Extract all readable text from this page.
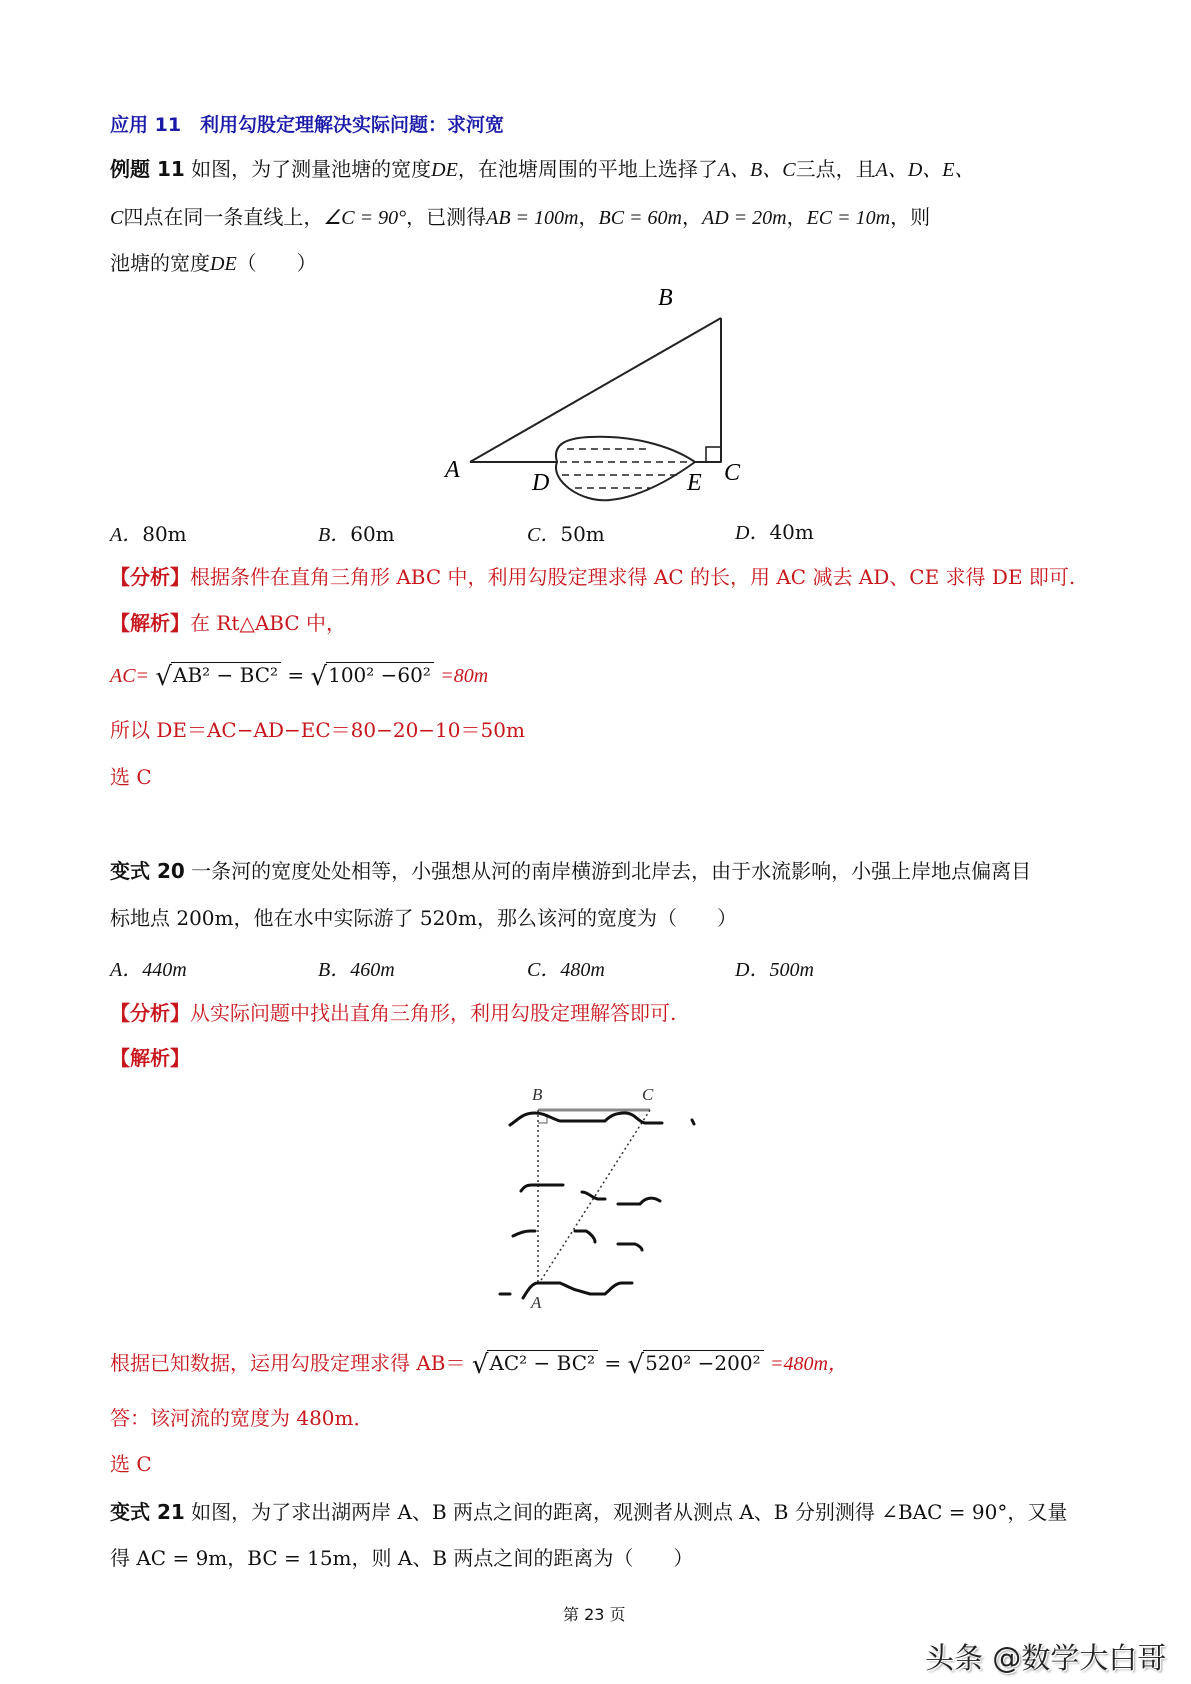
应用 11　利用勾股定理解决实际问题：求河宽
例题 11 如图，为了测量池塘的宽度DE，在池塘周围的平地上选择了A、B、C三点，且A、D、E、
C四点在同一条直线上，∠C = 90°，已测得AB = 100m，BC = 60m，AD = 20m，EC = 10m，则
池塘的宽度DE（　　）
B
A	C
D	E
A．80m	B．60m	C．50m	D．40m
【分析】根据条件在直角三角形 ABC 中，利用勾股定理求得 AC 的长，用 AC 减去 AD、CE 求得 DE 即可.
【解析】在 Rt△ABC 中，
AC= √AB² − BC² = √100² −60² =80m
所以 DE＝AC−AD−EC＝80−20−10＝50m
选 C
变式 20 一条河的宽度处处相等，小强想从河的南岸横游到北岸去，由于水流影响，小强上岸地点偏离目
标地点 200m，他在水中实际游了 520m，那么该河的宽度为（　　）
A．440m	B．460m	C．480m	D．500m
【分析】从实际问题中找出直角三角形，利用勾股定理解答即可.
【解析】
B	C
A
根据已知数据，运用勾股定理求得 AB＝ √AC² − BC² = √520² −200² =480m，
答：该河流的宽度为 480m．
选 C
变式 21 如图，为了求出湖两岸 A、B 两点之间的距离，观测者从测点 A、B 分别测得 ∠BAC = 90°，又量
得 AC = 9m，BC = 15m，则 A、B 两点之间的距离为（　　）
第 23 页
头条 @数学大白哥
